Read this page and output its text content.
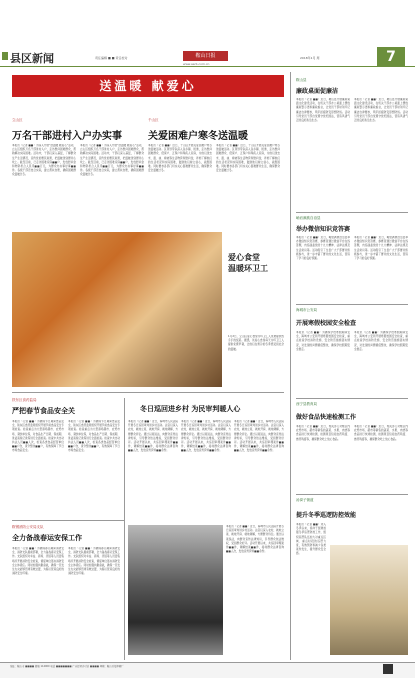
县区新闻	责任编辑 ■ ■ 责任校对	鞍山日报
www.asrb.com.cn
2018年1月 周	7
送温暖 献爱心
立山区
万名干部进村入户办实事
本报讯（记者 ■■）为深入开展“送温暖 献爱心”活动，立山区组织万名干部进村入户，走访慰问困难群众，帮助解决实际困难。活动中，干部们深入基层，了解群众生产生活情况，宣传党的惠民政策，把温暖送到群众心坎上。截至目前，已走访困难家庭■■户，发放慰问金和物资折合人民币■■万元，为群众办实事好事■■件。各级干部还结合实际，建立帮扶台账，确保困难群众温暖过冬。
本报讯（记者 ■■）为深入开展“送温暖 献爱心”活动，立山区组织万名干部进村入户，走访慰问困难群众，帮助解决实际困难。活动中，干部们深入基层，了解群众生产生活情况，宣传党的惠民政策，把温暖送到群众心坎上。截至目前，已走访困难家庭■■户，发放慰问金和物资折合人民币■■万元，为群众办实事好事■■件。各级干部还结合实际，建立帮扶台账，确保困难群众温暖过冬。
千山区
关爱困难户寒冬送温暖
本报讯（记者 ■■）近日，千山区开展关爱困难户寒冬送温暖活动。区领导带队深入各乡镇、街道，走访慰问困难群众、低保户、五保户和残疾人家庭，为他们送去米、面、油、棉被等生活物资和慰问金，详细了解他们的生活状况和实际困难，鼓励他们树立信心，战胜困难。同时要求各部门切实关心困难群众生活，确保群众安全温暖过冬。
本报讯（记者 ■■）近日，千山区开展关爱困难户寒冬送温暖活动。区领导带队深入各乡镇、街道，走访慰问困难群众、低保户、五保户和残疾人家庭，为他们送去米、面、油、棉被等生活物资和慰问金，详细了解他们的生活状况和实际困难，鼓励他们树立信心，战胜困难。同时要求各部门切实关心困难群众生活，确保群众安全温暖过冬。
爱心食堂
温暖环卫工
1月2日，立山区爱心食堂为环卫工人免费提供热乎乎的饭菜。据悉，该爱心食堂每天为环卫工人提供免费早餐，让他们在寒冷的冬季感受到社会的温暖。
铁东区食药监局
严把春节食品安全关
本报讯（记者 ■■）为确保节日期间食品安全，铁东区食药监局组织开展节前食品安全专项检查。检查重点为大型商场超市、农贸市场、餐饮单位等，对食品生产日期、保质期、进货查验记录等进行全面检查。检查中共出动执法人员■■人次，检查各类食品经营单位■■户次，责令整改■■户，有效保障了节日市场食品安全。
本报讯（记者 ■■）为确保节日期间食品安全，铁东区食药监局组织开展节前食品安全专项检查。检查重点为大型商场超市、农贸市场、餐饮单位等，对食品生产日期、保质期、进货查验记录等进行全面检查。检查中共出动执法人员■■人次，检查各类食品经营单位■■户次，责令整改■■户，有效保障了节日市场食品安全。
冬日巡回进乡村 为民审判暖人心
本报讯（记者 ■■）近日，海城市人民法院开展冬日巡回审判进乡村活动。法官们深入农村，就地立案、就地开庭、就地调解，方便群众诉讼。通过以案说法，向群众宣传法律知识，引导群众依法维权，受到群众好评。活动开展以来，共巡回审理案件■■件，调解结案■■件，接待群众法律咨询■■人次，发放宣传资料■■余份。
本报讯（记者 ■■）近日，海城市人民法院开展冬日巡回审判进乡村活动。法官们深入农村，就地立案、就地开庭、就地调解，方便群众诉讼。通过以案说法，向群众宣传法律知识，引导群众依法维权，受到群众好评。活动开展以来，共巡回审理案件■■件，调解结案■■件，接待群众法律咨询■■人次，发放宣传资料■■余份。
本报讯（记者 ■■）近日，海城市人民法院开展冬日巡回审判进乡村活动。法官们深入农村，就地立案、就地开庭、就地调解，方便群众诉讼。通过以案说法，向群众宣传法律知识，引导群众依法维权，受到群众好评。活动开展以来，共巡回审理案件■■件，调解结案■■件，接待群众法律咨询■■人次，发放宣传资料■■余份。
鞍钢消防公安局支队
全力备战春运安保工作
本报讯（记者 ■■）为确保春运期间消防安全，消防支队提前部署，全力备战春运安保工作。支队组织对车站、商场、宾馆等人员密集场所开展消防安全检查，督促单位落实消防安全主体责任。同时加强执勤备战，确保一旦发生火灾能够迅速有效处置，为春运营造良好的消防安全环境。
本报讯（记者 ■■）为确保春运期间消防安全，消防支队提前部署，全力备战春运安保工作。支队组织对车站、商场、宾馆等人员密集场所开展消防安全检查，督促单位落实消防安全主体责任。同时加强执勤备战，确保一旦发生火灾能够迅速有效处置，为春运营造良好的消防安全环境。
本报讯（记者 ■■）近日，海城市人民法院开展冬日巡回审判进乡村活动。法官们深入农村，就地立案、就地开庭、就地调解，方便群众诉讼。通过以案说法，向群众宣传法律知识，引导群众依法维权，受到群众好评。活动开展以来，共巡回审理案件■■件，调解结案■■件，接待群众法律咨询■■人次，发放宣传资料■■余份。
鞍山县
廉政桌面促廉洁
本报讯（记者 ■■）近日，鞍山县开展廉政桌面文化建设活动，在机关干部办公桌面上摆放廉政警示语和廉政格言，让党员干部时刻牢记廉洁自律要求，筑牢拒腐防变思想防线。活动引导党员干部自觉遵守党纪国法，营造风清气正的良好政治生态。
本报讯（记者 ■■）近日，鞍山县开展廉政桌面文化建设活动，在机关干部办公桌面上摆放廉政警示语和廉政格言，让党员干部时刻牢记廉洁自律要求，筑牢拒腐防变思想防线。活动引导党员干部自觉遵守党纪国法，营造风清气正的良好政治生态。
岫岩满族自治县
举办微信知识竞答赛
本报讯（记者 ■■）近日，岫岩满族自治县举办微信知识竞答赛，参赛者通过微信平台在线答题，内容涵盖党的十九大精神、法律法规及生活常识等。活动吸引了全县广大干部群众积极参与，进一步丰富了群众的文化生活，营造了学习的良好氛围。
本报讯（记者 ■■）近日，岫岩满族自治县举办微信知识竞答赛，参赛者通过微信平台在线答题，内容涵盖党的十九大精神、法律法规及生活常识等。活动吸引了全县广大干部群众积极参与，进一步丰富了群众的文化生活，营造了学习的良好氛围。
海城市公安局
开展寒假校园安全检查
本报讯（记者 ■■）为确保学校寒假期间安全，海城市公安局开展寒假校园安全检查，重点检查学校消防设施、安全防范措施落实情况，对发现的问题督促整改，确保学校假期安全稳定。
本报讯（记者 ■■）为确保学校寒假期间安全，海城市公安局开展寒假校园安全检查，重点检查学校消防设施、安全防范措施落实情况，对发现的问题督促整改，确保学校假期安全稳定。
西宁县教育局
做好食品快速检测工作
本报讯（记者 ■■）近日，相关部门对辖区内农贸市场、超市等销售的蔬菜、水果、肉类等食品进行快速检测，检测项目包括农药残留、兽药残留等，确保群众吃上放心食品。
本报讯（记者 ■■）近日，相关部门对辖区内农贸市场、超市等销售的蔬菜、水果、肉类等食品进行快速检测，检测项目包括农药残留、兽药残留等，确保群众吃上放心食品。
汤岗子街道
提升冬季巡逻防控效能
本报讯（记者 ■■）进入冬季以来，汤岗子街道加强冬季巡逻防控工作，组织巡逻队伍加大对重点区域、重点时段的巡逻力度，有效预防和减少各类案件发生，提升群众安全感。
地址：鞍山市 ■■■■ 邮编 114000 电话 ■■■■■■■ 广告经营许可证 ■■■■ 印刷：鞍山日报印刷厂
